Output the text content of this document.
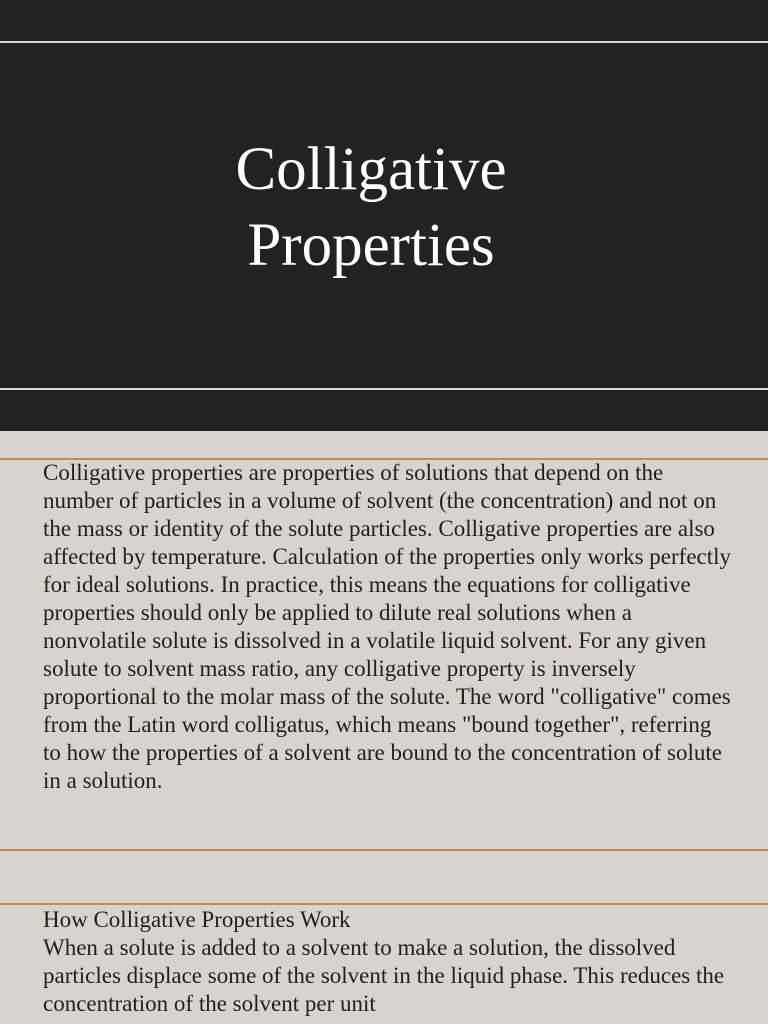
Colligative
Properties

Colligative properties are properties of solutions that depend on the number of particles in a volume of solvent (the concentration) and not on the mass or identity of the solute particles. Colligative properties are also affected by temperature. Calculation of the properties only works perfectly for ideal solutions. In practice, this means the equations for colligative properties should only be applied to dilute real solutions when a nonvolatile solute is dissolved in a volatile liquid solvent. For any given solute to solvent mass ratio, any colligative property is inversely proportional to the molar mass of the solute. The word "colligative" comes from the Latin word colligatus, which means "bound together", referring to how the properties of a solvent are bound to the concentration of solute in a solution.

How Colligative Properties Work
When a solute is added to a solvent to make a solution, the dissolved particles displace some of the solvent in the liquid phase. This reduces the concentration of the solvent per unit
